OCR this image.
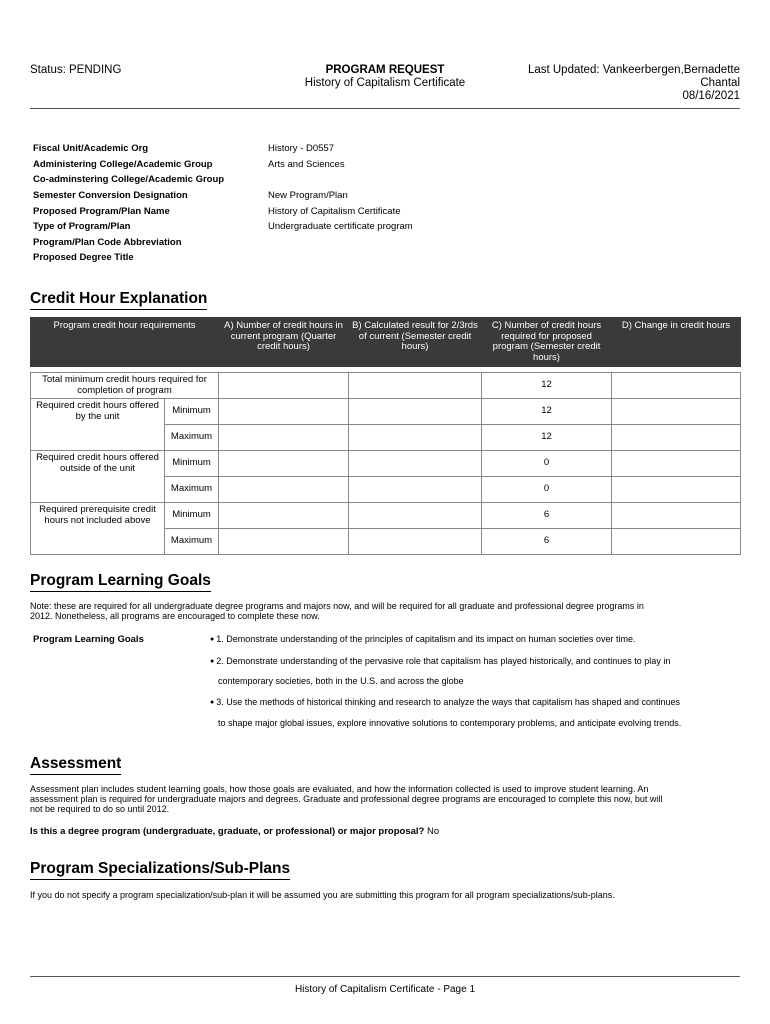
Status: PENDING	PROGRAM REQUEST
History of Capitalism Certificate
Last Updated: Vankeerbergen,Bernadette
Chantal
08/16/2021
Fiscal Unit/Academic Org	History - D0557
Administering College/Academic Group	Arts and Sciences
Co-adminstering College/Academic Group
Semester Conversion Designation	New Program/Plan
Proposed Program/Plan Name	History of Capitalism Certificate
Type of Program/Plan	Undergraduate certificate program
Program/Plan Code Abbreviation
Proposed Degree Title
Credit Hour Explanation
Program credit hour requirements		A) Number of credit hours in current program (Quarter credit hours)	B) Calculated result for 2/3rds of current (Semester credit hours)	C) Number of credit hours required for proposed program (Semester credit hours)	D) Change in credit hours

Total minimum credit hours required for completion of program				12	
Required credit hours offered by the unit	Minimum			12	
	Maximum			12	
Required credit hours offered outside of the unit	Minimum			0	
	Maximum			0	
Required prerequisite credit hours not included above	Minimum			6	
	Maximum			6	
Program Learning Goals
Note: these are required for all undergraduate degree programs and majors now, and will be required for all graduate and professional degree programs in
2012. Nonetheless, all programs are encouraged to complete these now.
Program Learning Goals	● 1. Demonstrate understanding of the principles of capitalism and its impact on human societies over time.
● 2. Demonstrate understanding of the pervasive role that capitalism has played historically, and continues to play in
contemporary societies, both in the U.S. and across the globe
● 3. Use the methods of historical thinking and research to analyze the ways that capitalism has shaped and continues
to shape major global issues, explore innovative solutions to contemporary problems, and anticipate evolving trends.
Assessment
Assessment plan includes student learning goals, how those goals are evaluated, and how the information collected is used to improve student learning. An
assessment plan is required for undergraduate majors and degrees. Graduate and professional degree programs are encouraged to complete this now, but will
not be required to do so until 2012.
Is this a degree program (undergraduate, graduate, or professional) or major proposal? No
Program Specializations/Sub-Plans
If you do not specify a program specialization/sub-plan it will be assumed you are submitting this program for all program specializations/sub-plans.
History of Capitalism Certificate - Page 1
